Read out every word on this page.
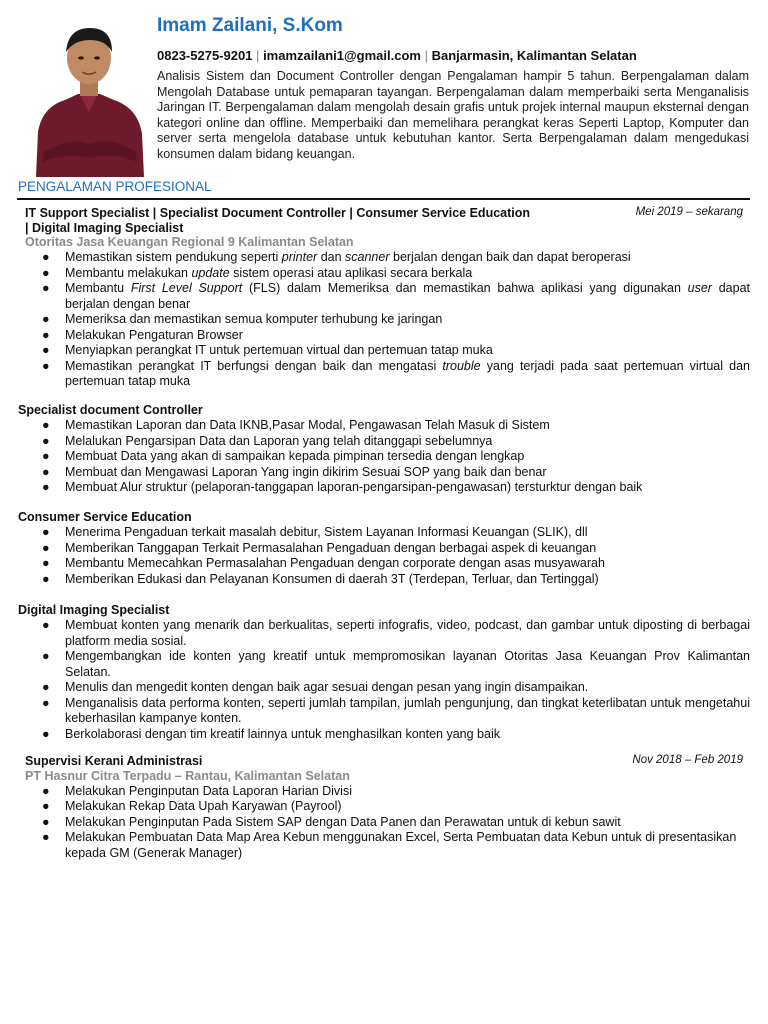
Imam Zailani, S.Kom
0823-5275-9201 | imamzailani1@gmail.com | Banjarmasin, Kalimantan Selatan
Analisis Sistem dan Document Controller dengan Pengalaman hampir 5 tahun. Berpengalaman dalam Mengolah Database untuk pemaparan tayangan. Berpengalaman dalam memperbaiki serta Menganalisis Jaringan IT. Berpengalaman dalam mengolah desain grafis untuk projek internal maupun eksternal dengan kategori online dan offline. Memperbaiki dan memelihara perangkat keras Seperti Laptop, Komputer dan server serta mengelola database untuk kebutuhan kantor. Serta Berpengalaman dalam mengedukasi konsumen dalam bidang keuangan.
PENGALAMAN PROFESIONAL
IT Support Specialist | Specialist Document Controller | Consumer Service Education
| Digital Imaging Specialist
Mei 2019 – sekarang
Otoritas Jasa Keuangan Regional 9 Kalimantan Selatan
● Memastikan sistem pendukung seperti printer dan scanner berjalan dengan baik dan dapat beroperasi
● Membantu melakukan update sistem operasi atau aplikasi secara berkala
● Membantu First Level Support (FLS) dalam Memeriksa dan memastikan bahwa aplikasi yang digunakan user dapat berjalan dengan benar
● Memeriksa dan memastikan semua komputer terhubung ke jaringan
● Melakukan Pengaturan Browser
● Menyiapkan perangkat IT untuk pertemuan virtual dan pertemuan tatap muka
● Memastikan perangkat IT berfungsi dengan baik dan mengatasi trouble yang terjadi pada saat pertemuan virtual dan pertemuan tatap muka
Specialist document Controller
● Memastikan Laporan dan Data IKNB,Pasar Modal, Pengawasan Telah Masuk di Sistem
● Melalukan Pengarsipan Data dan Laporan yang telah ditanggapi sebelumnya
● Membuat Data yang akan di sampaikan kepada pimpinan tersedia dengan lengkap
● Membuat dan Mengawasi Laporan Yang ingin dikirim Sesuai SOP yang baik dan benar
● Membuat Alur struktur (pelaporan-tanggapan laporan-pengarsipan-pengawasan) tersturktur dengan baik
Consumer Service Education
● Menerima Pengaduan terkait masalah debitur, Sistem Layanan Informasi Keuangan (SLIK), dll
● Memberikan Tanggapan Terkait Permasalahan Pengaduan dengan berbagai aspek di keuangan
● Membantu Memecahkan Permasalahan Pengaduan dengan corporate dengan asas musyawarah
● Memberikan Edukasi dan Pelayanan Konsumen di daerah 3T (Terdepan, Terluar, dan Tertinggal)
Digital Imaging Specialist
● Membuat konten yang menarik dan berkualitas, seperti infografis, video, podcast, dan gambar untuk diposting di berbagai platform media sosial.
● Mengembangkan ide konten yang kreatif untuk mempromosikan layanan Otoritas Jasa Keuangan Prov Kalimantan Selatan.
● Menulis dan mengedit konten dengan baik agar sesuai dengan pesan yang ingin disampaikan.
● Menganalisis data performa konten, seperti jumlah tampilan, jumlah pengunjung, dan tingkat keterlibatan untuk mengetahui keberhasilan kampanye konten.
● Berkolaborasi dengan tim kreatif lainnya untuk menghasilkan konten yang baik
Supervisi Kerani Administrasi	Nov 2018 – Feb 2019
PT Hasnur Citra Terpadu – Rantau, Kalimantan Selatan
● Melakukan Penginputan Data Laporan Harian Divisi
● Melakukan Rekap Data Upah Karyawan (Payrool)
● Melakukan Penginputan Pada Sistem SAP dengan Data Panen dan Perawatan untuk di kebun sawit
● Melakukan Pembuatan Data Map Area Kebun menggunakan Excel, Serta Pembuatan data Kebun untuk di presentasikan kepada GM (Generak Manager)
